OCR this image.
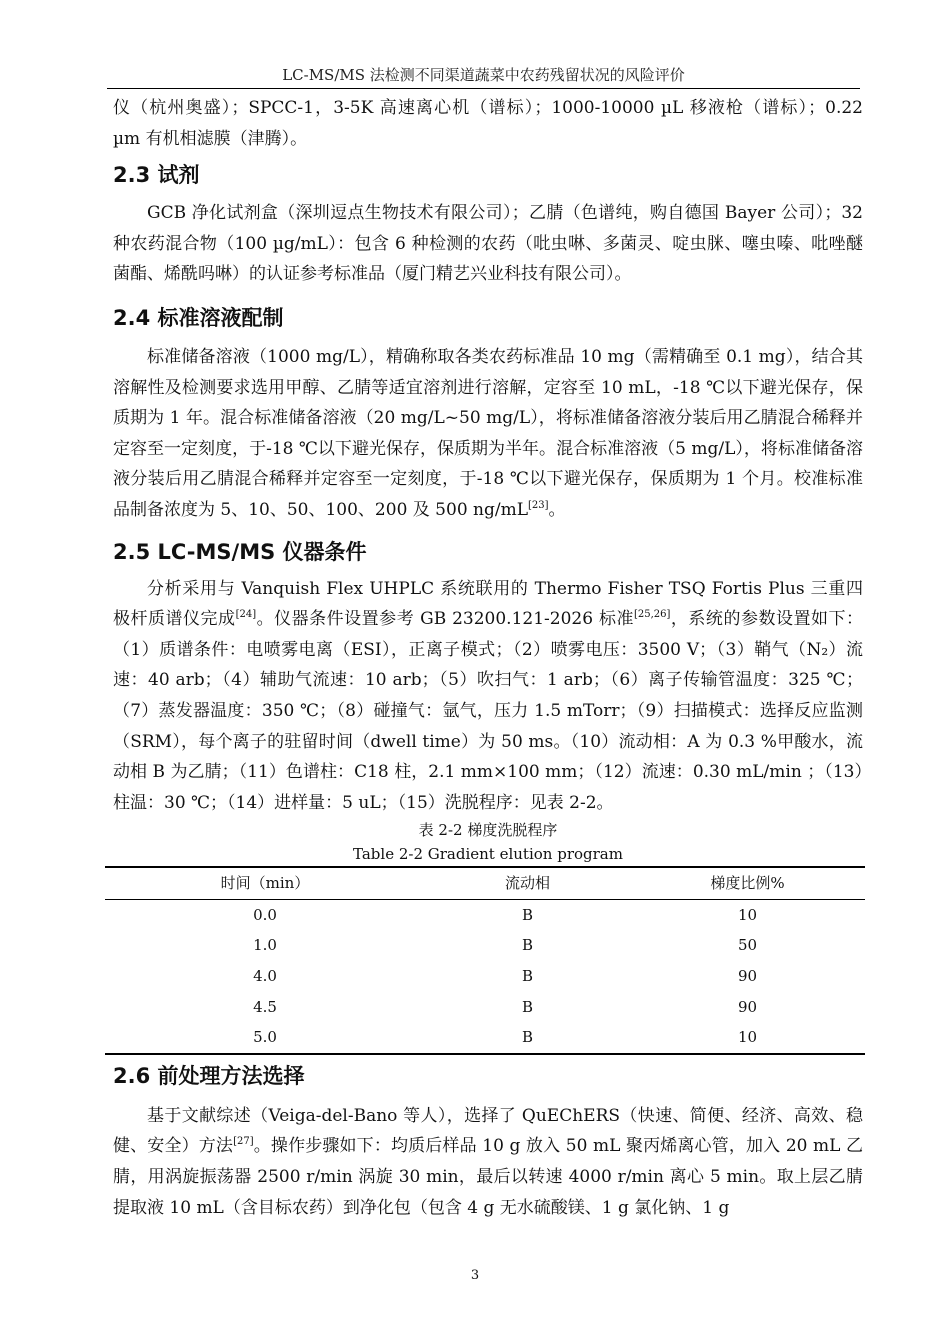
LC-MS/MS 法检测不同渠道蔬菜中农药残留状况的风险评价

仪（杭州奥盛）；SPCC-1，3-5K 高速离心机（谱标）；1000-10000 µL 移液枪（谱标）；0.22 µm 有机相滤膜（津腾）。

2.3 试剂

GCB 净化试剂盒（深圳逗点生物技术有限公司）；乙腈（色谱纯，购自德国 Bayer 公司）；32 种农药混合物（100 µg/mL）：包含 6 种检测的农药（吡虫啉、多菌灵、啶虫脒、噻虫嗪、吡唑醚菌酯、烯酰吗啉）的认证参考标准品（厦门精艺兴业科技有限公司）。

2.4 标准溶液配制

标准储备溶液（1000 mg/L），精确称取各类农药标准品 10 mg（需精确至 0.1 mg），结合其溶解性及检测要求选用甲醇、乙腈等适宜溶剂进行溶解，定容至 10 mL，-18 ℃以下避光保存，保质期为 1 年。混合标准储备溶液（20 mg/L~50 mg/L），将标准储备溶液分装后用乙腈混合稀释并定容至一定刻度，于-18 ℃以下避光保存，保质期为半年。混合标准溶液（5 mg/L），将标准储备溶液分装后用乙腈混合稀释并定容至一定刻度，于-18 ℃以下避光保存，保质期为 1 个月。校准标准品制备浓度为 5、10、50、100、200 及 500 ng/mL[23]。

2.5 LC-MS/MS 仪器条件

分析采用与 Vanquish Flex UHPLC 系统联用的 Thermo Fisher TSQ Fortis Plus 三重四极杆质谱仪完成[24]。仪器条件设置参考 GB 23200.121-2026 标准[25,26]，系统的参数设置如下：（1）质谱条件：电喷雾电离（ESI），正离子模式；（2）喷雾电压：3500 V；（3）鞘气（N₂）流速：40 arb；（4）辅助气流速：10 arb；（5）吹扫气：1 arb；（6）离子传输管温度：325 ℃；（7）蒸发器温度：350 ℃；（8）碰撞气：氩气，压力 1.5 mTorr；（9）扫描模式：选择反应监测（SRM），每个离子的驻留时间（dwell time）为 50 ms。（10）流动相：A 为 0.3 %甲酸水，流动相 B 为乙腈；（11）色谱柱：C18 柱，2.1 mm×100 mm；（12）流速：0.30 mL/min ；（13）柱温：30 ℃；（14）进样量：5 uL；（15）洗脱程序：见表 2-2。

表 2-2 梯度洗脱程序
Table 2-2 Gradient elution program
时间（min）	流动相	梯度比例%
0.0	B	10
1.0	B	50
4.0	B	90
4.5	B	90
5.0	B	10
2.6 前处理方法选择

基于文献综述（Veiga-del-Bano 等人），选择了 QuEChERS（快速、简便、经济、高效、稳健、安全）方法[27]。操作步骤如下：均质后样品 10 g 放入 50 mL 聚丙烯离心管，加入 20 mL 乙腈，用涡旋振荡器 2500 r/min 涡旋 30 min，最后以转速 4000 r/min 离心 5 min。取上层乙腈提取液 10 mL（含目标农药）到净化包（包含 4 g 无水硫酸镁、1 g 氯化钠、1 g

3
